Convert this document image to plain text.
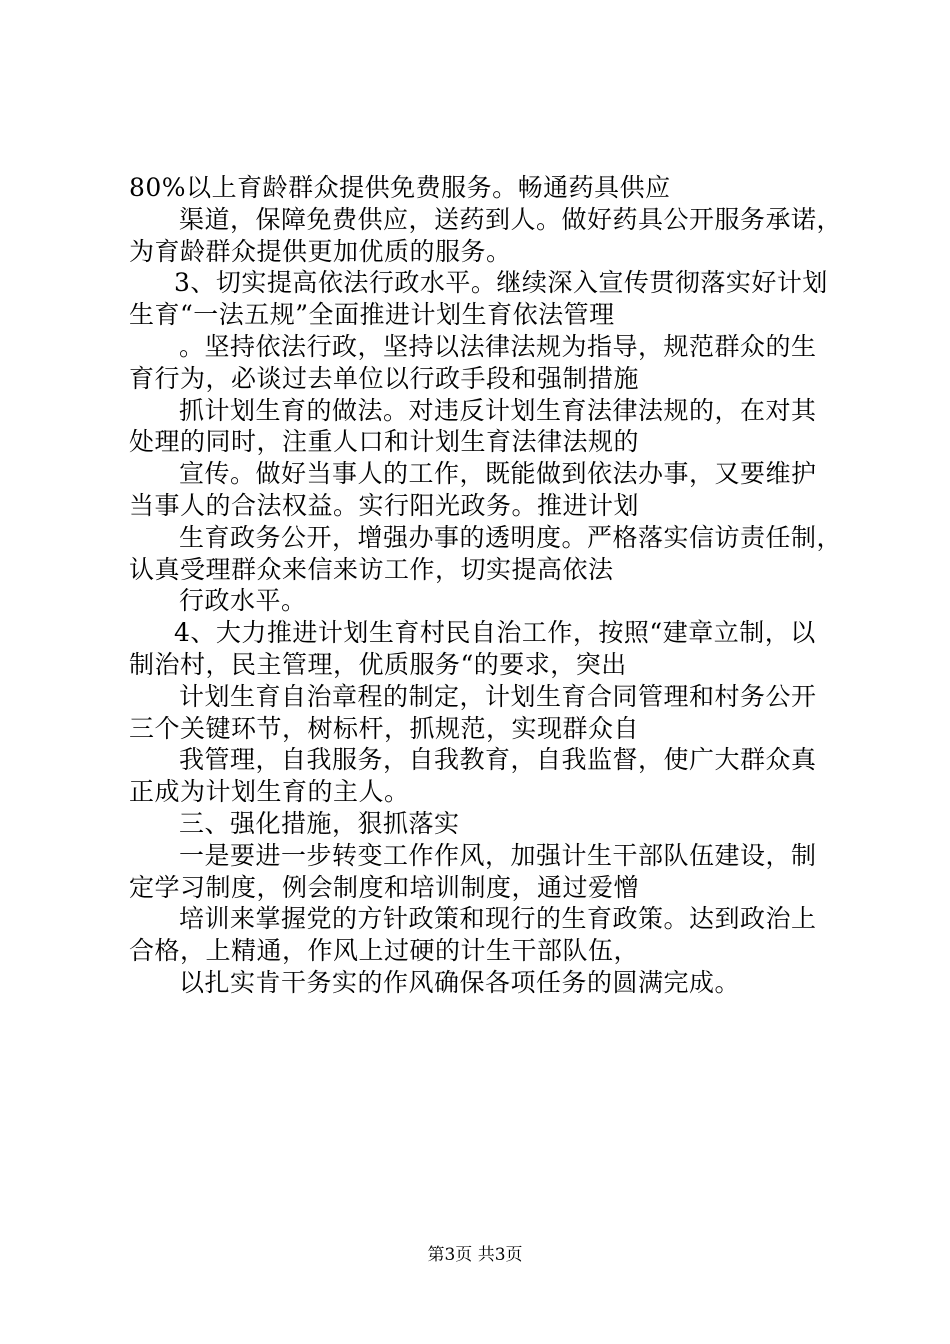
80%以上育龄群众提供免费服务。畅通药具供应
渠道，保障免费供应，送药到人。做好药具公开服务承诺，
为育龄群众提供更加优质的服务。
3、切实提高依法行政水平。继续深入宣传贯彻落实好计划
生育“一法五规”全面推进计划生育依法管理
。坚持依法行政，坚持以法律法规为指导，规范群众的生
育行为，必谈过去单位以行政手段和强制措施
抓计划生育的做法。对违反计划生育法律法规的，在对其
处理的同时，注重人口和计划生育法律法规的
宣传。做好当事人的工作，既能做到依法办事，又要维护
当事人的合法权益。实行阳光政务。推进计划
生育政务公开，增强办事的透明度。严格落实信访责任制，
认真受理群众来信来访工作，切实提高依法
行政水平。
4、大力推进计划生育村民自治工作，按照“建章立制，以
制治村，民主管理，优质服务“的要求，突出
计划生育自治章程的制定，计划生育合同管理和村务公开
三个关键环节，树标杆，抓规范，实现群众自
我管理，自我服务，自我教育，自我监督，使广大群众真
正成为计划生育的主人。
三、强化措施，狠抓落实
一是要进一步转变工作作风，加强计生干部队伍建设，制
定学习制度，例会制度和培训制度，通过爱憎
培训来掌握党的方针政策和现行的生育政策。达到政治上
合格，上精通，作风上过硬的计生干部队伍，
以扎实肯干务实的作风确保各项任务的圆满完成。
第3页 共3页
